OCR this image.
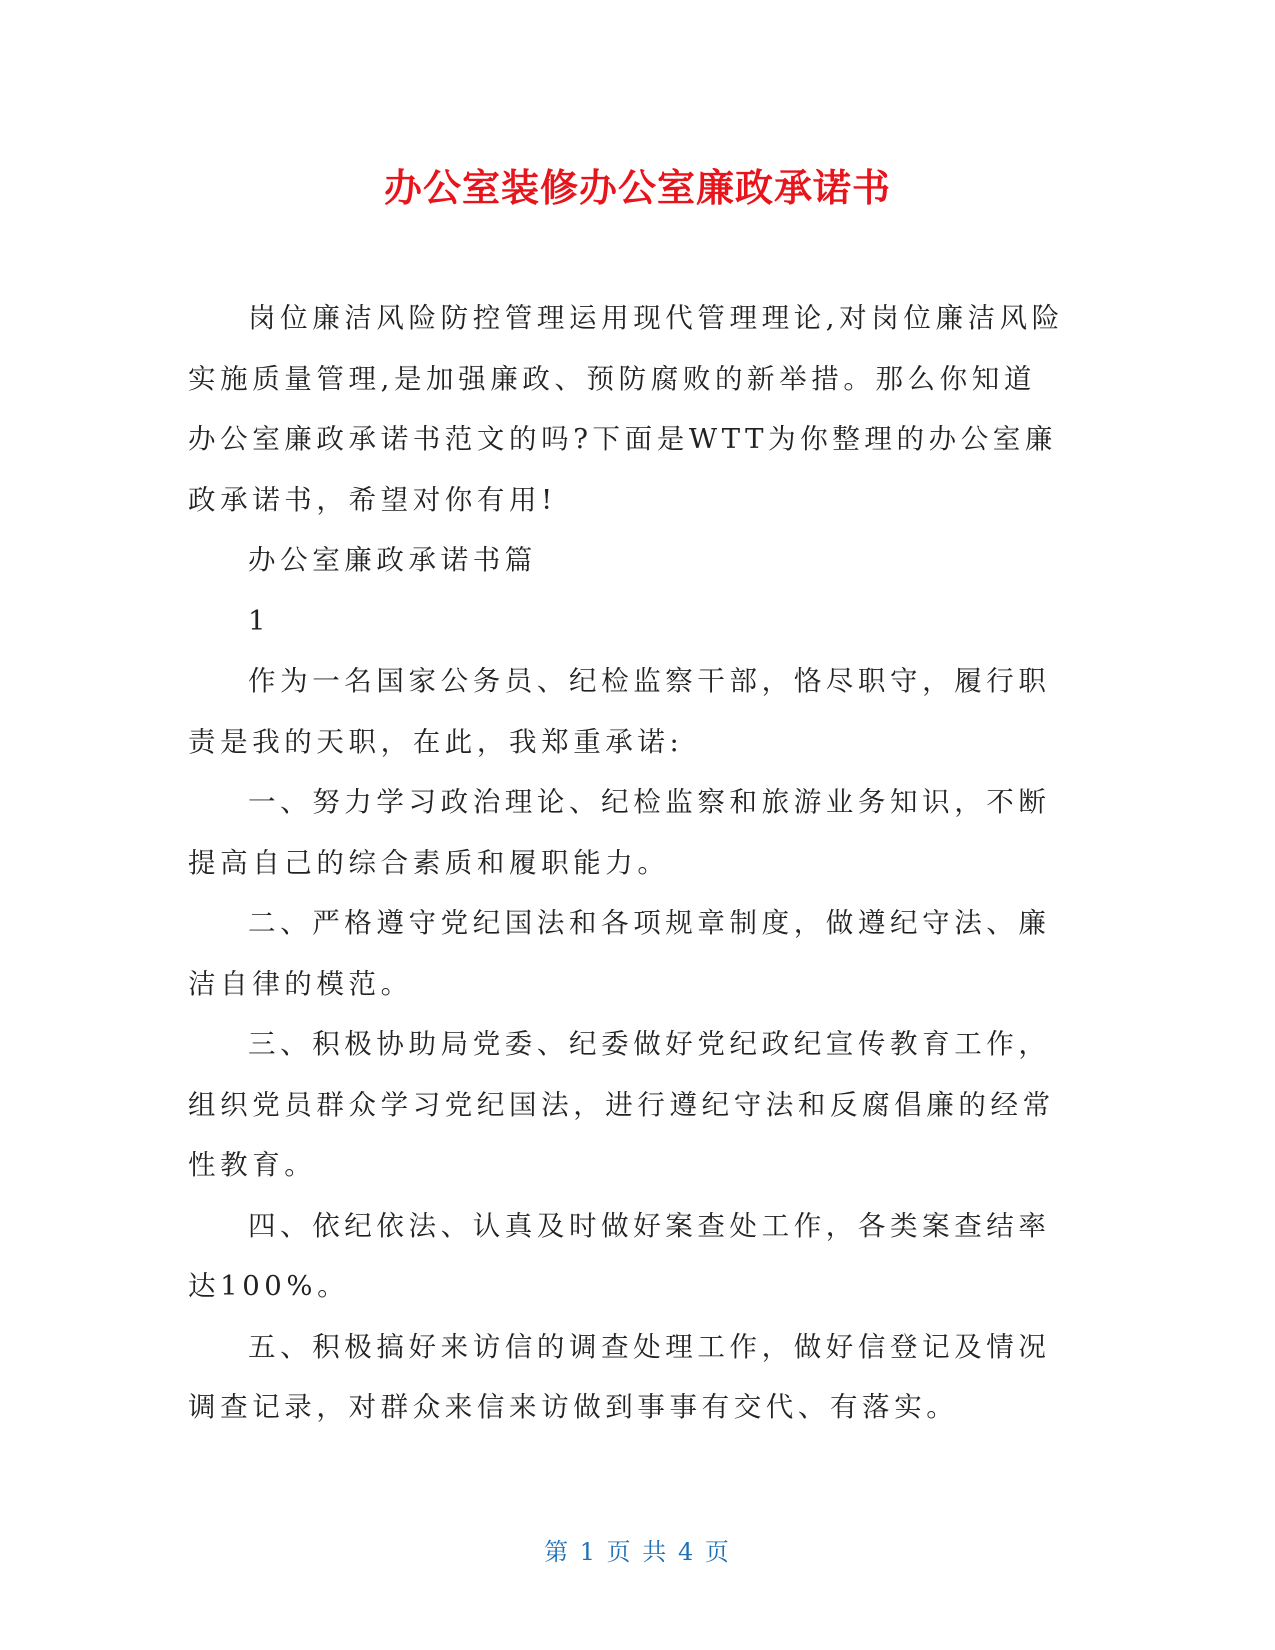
办公室装修办公室廉政承诺书

岗位廉洁风险防控管理运用现代管理理论,对岗位廉洁风险实施质量管理,是加强廉政、预防腐败的新举措。那么你知道办公室廉政承诺书范文的吗?下面是WTT为你整理的办公室廉政承诺书，希望对你有用!

办公室廉政承诺书篇

1

作为一名国家公务员、纪检监察干部，恪尽职守，履行职责是我的天职，在此，我郑重承诺:

一、努力学习政治理论、纪检监察和旅游业务知识，不断提高自己的综合素质和履职能力。

二、严格遵守党纪国法和各项规章制度，做遵纪守法、廉洁自律的模范。

三、积极协助局党委、纪委做好党纪政纪宣传教育工作，组织党员群众学习党纪国法，进行遵纪守法和反腐倡廉的经常性教育。

四、依纪依法、认真及时做好案查处工作，各类案查结率达100%。

五、积极搞好来访信的调查处理工作，做好信登记及情况调查记录，对群众来信来访做到事事有交代、有落实。

第 1 页 共 4 页
